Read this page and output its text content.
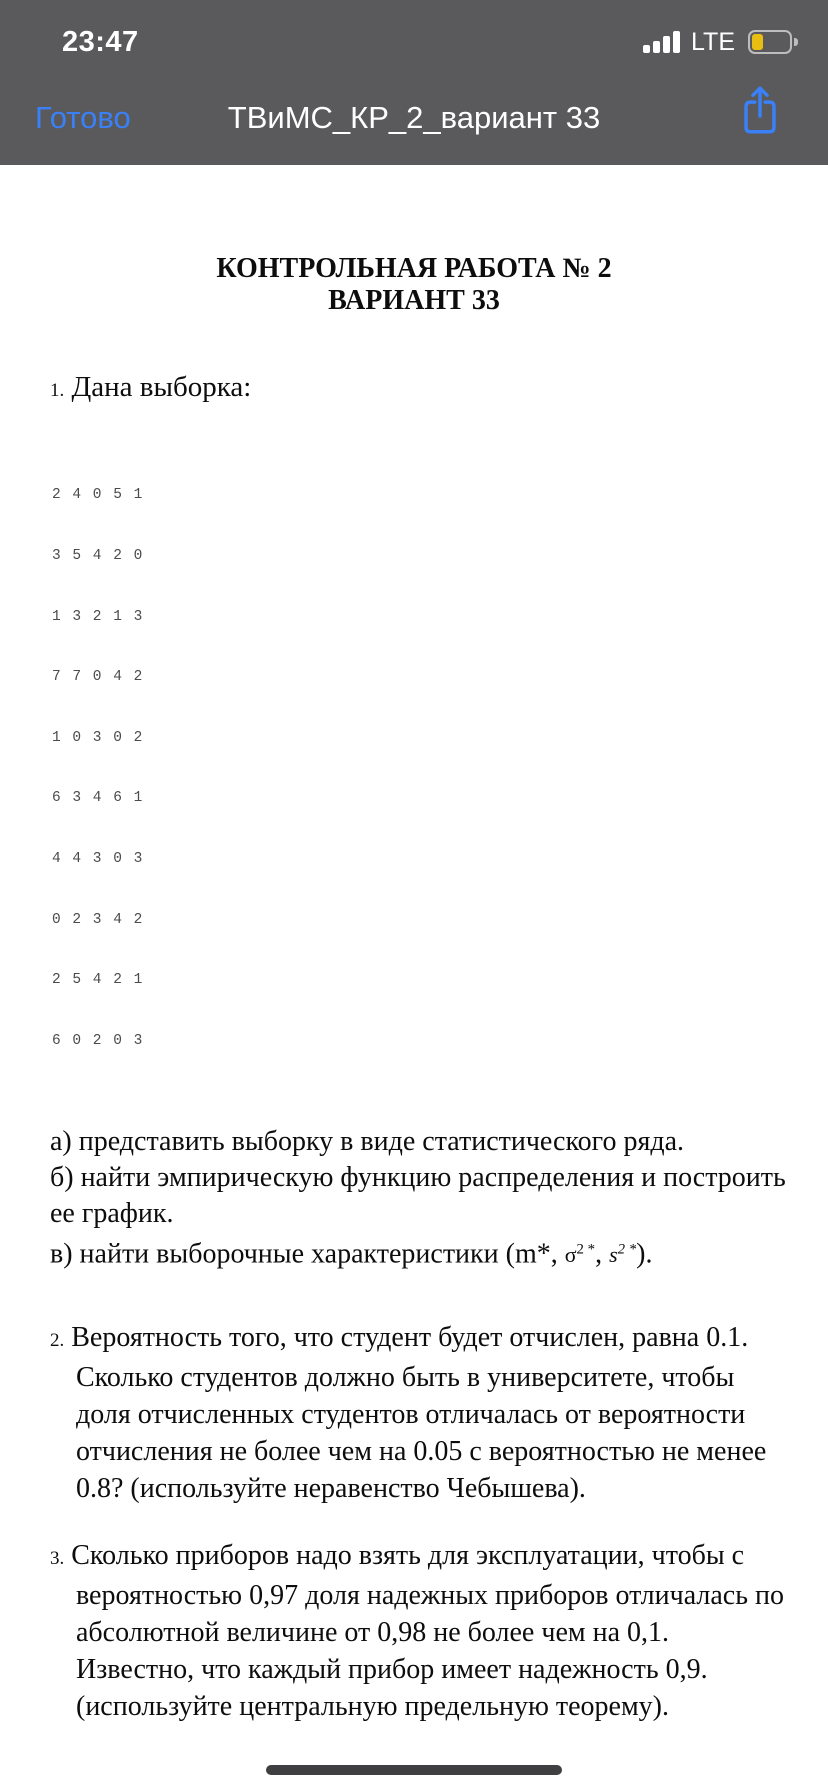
23:47	LTE
Готово	ТВиМС_КР_2_вариант 33
КОНТРОЛЬНАЯ РАБОТА № 2
ВАРИАНТ 33

1. Дана выборка:

2 4 0 5 1

3 5 4 2 0

1 3 2 1 3

7 7 0 4 2

1 0 3 0 2

6 3 4 6 1

4 4 3 0 3

0 2 3 4 2

2 5 4 2 1

6 0 2 0 3

а) представить выборку в виде статистического ряда.

б) найти эмпирическую функцию распределения и построить ее график.

в) найти выборочные характеристики (m*, $\sigma^{2 *}$, $s^{2 *}$).

2. Вероятность того, что студент будет отчислен, равна 0.1. Сколько студентов должно быть в университете, чтобы доля отчисленных студентов отличалась от вероятности отчисления не более чем на 0.05 с вероятностью не менее 0.8? (используйте неравенство Чебышева).

3. Сколько приборов надо взять для эксплуатации, чтобы с вероятностью 0,97 доля надежных приборов отличалась по абсолютной величине от 0,98 не более чем на 0,1. Известно, что каждый прибор имеет надежность 0,9. (используйте центральную предельную теорему).
